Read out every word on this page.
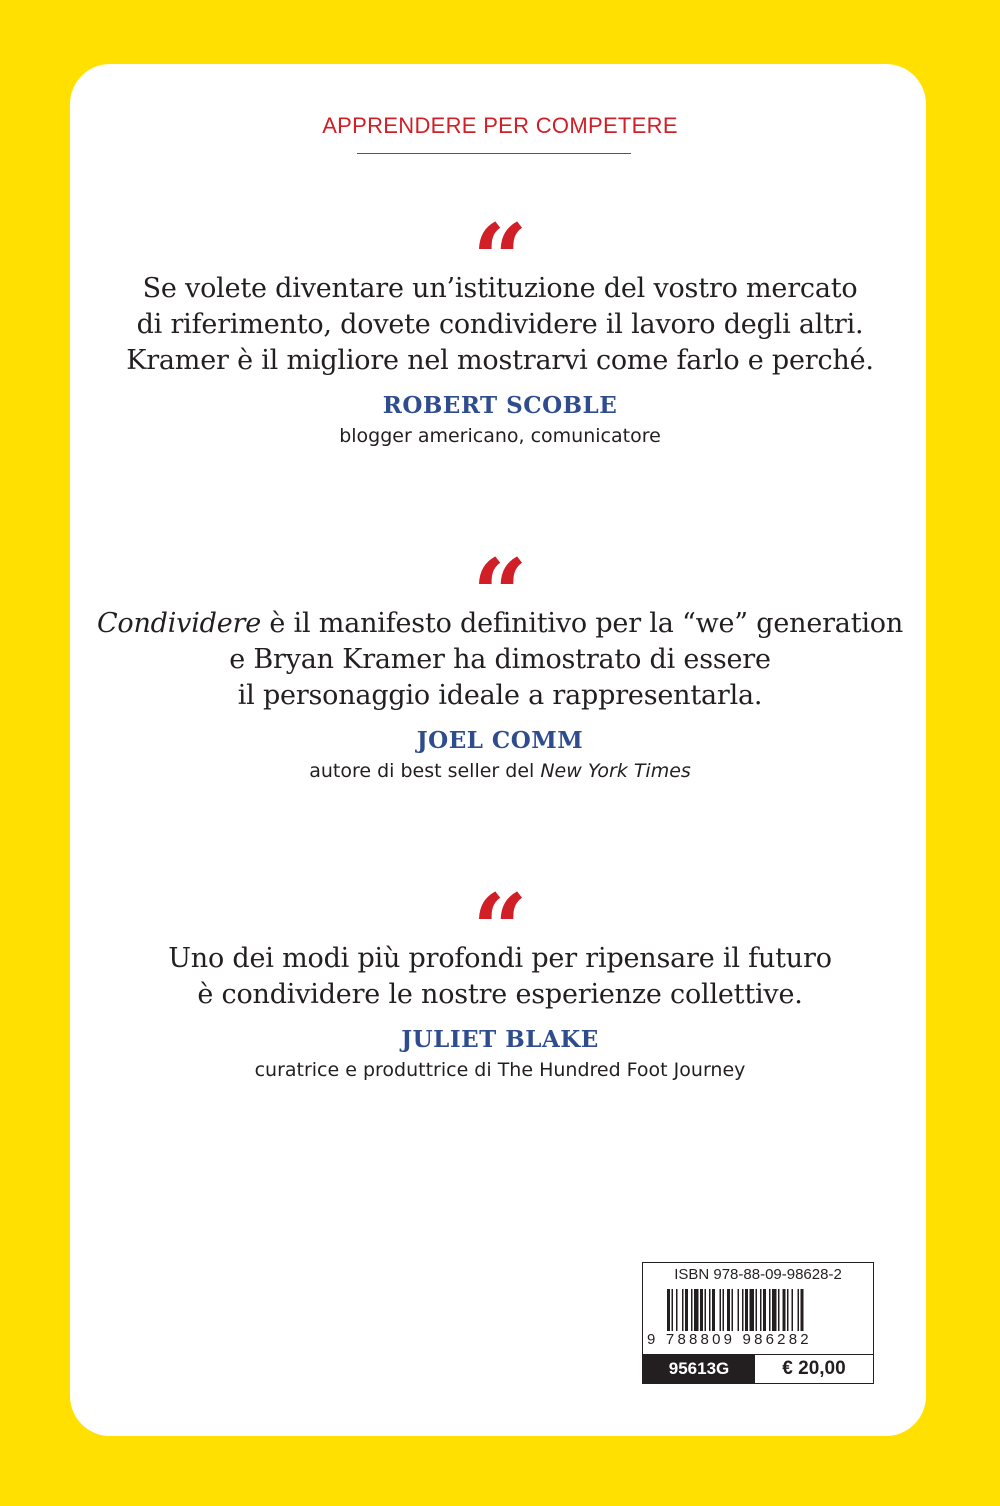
APPRENDERE PER COMPETERE
“
Se volete diventare un’istituzione del vostro mercato
di riferimento, dovete condividere il lavoro degli altri.
Kramer è il migliore nel mostrarvi come farlo e perché.
ROBERT SCOBLE
blogger americano, comunicatore
“
Condividere è il manifesto definitivo per la “we” generation
e Bryan Kramer ha dimostrato di essere
il personaggio ideale a rappresentarla.
JOEL COMM
autore di best seller del New York Times
“
Uno dei modi più profondi per ripensare il futuro
è condividere le nostre esperienze collettive.
JULIET BLAKE
curatrice e produttrice di The Hundred Foot Journey
ISBN 978-88-09-98628-2
9 788809 986282
95613G	€ 20,00
